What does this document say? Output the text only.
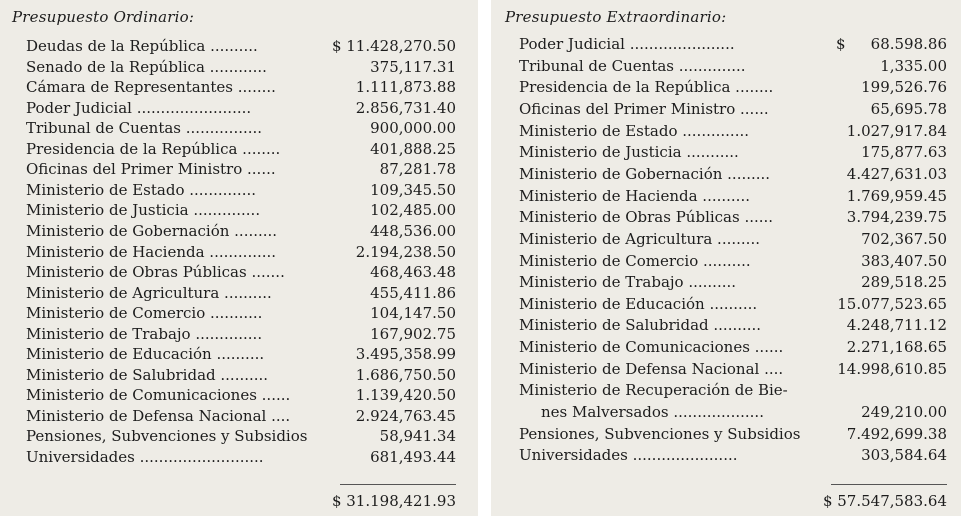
Presupuesto Ordinario:
Deudas de la República ..........	$ 11.428,270.50
Senado de la República ............	375,117.31
Cámara de Representantes ........	1.111,873.88
Poder Judicial ........................	2.856,731.40
Tribunal de Cuentas ................	900,000.00
Presidencia de la República ........	401,888.25
Oficinas del Primer Ministro ......	87,281.78
Ministerio de Estado ..............	109,345.50
Ministerio de Justicia ..............	102,485.00
Ministerio de Gobernación .........	448,536.00
Ministerio de Hacienda ..............	2.194,238.50
Ministerio de Obras Públicas .......	468,463.48
Ministerio de Agricultura ..........	455,411.86
Ministerio de Comercio ...........	104,147.50
Ministerio de Trabajo ..............	167,902.75
Ministerio de Educación ..........	3.495,358.99
Ministerio de Salubridad ..........	1.686,750.50
Ministerio de Comunicaciones ......	1.139,420.50
Ministerio de Defensa Nacional ....	2.924,763.45
Pensiones, Subvenciones y Subsidios	58,941.34
Universidades ..........................	681,493.44
$ 31.198,421.93
Presupuesto Extraordinario:
Poder Judicial ......................	$	68.598.86
Tribunal de Cuentas ..............	1,335.00
Presidencia de la República ........	199,526.76
Oficinas del Primer Ministro ......	65,695.78
Ministerio de Estado ..............	1.027,917.84
Ministerio de Justicia ...........	175,877.63
Ministerio de Gobernación .........	4.427,631.03
Ministerio de Hacienda ..........	1.769,959.45
Ministerio de Obras Públicas ......	3.794,239.75
Ministerio de Agricultura .........	702,367.50
Ministerio de Comercio ..........	383,407.50
Ministerio de Trabajo ..........	289,518.25
Ministerio de Educación ..........	15.077,523.65
Ministerio de Salubridad ..........	4.248,711.12
Ministerio de Comunicaciones ......	2.271,168.65
Ministerio de Defensa Nacional ....	14.998,610.85
Ministerio de Recuperación de Bie-
nes Malversados ...................	249,210.00
Pensiones, Subvenciones y Subsidios	7.492,699.38
Universidades ......................	303,584.64
$ 57.547,583.64
